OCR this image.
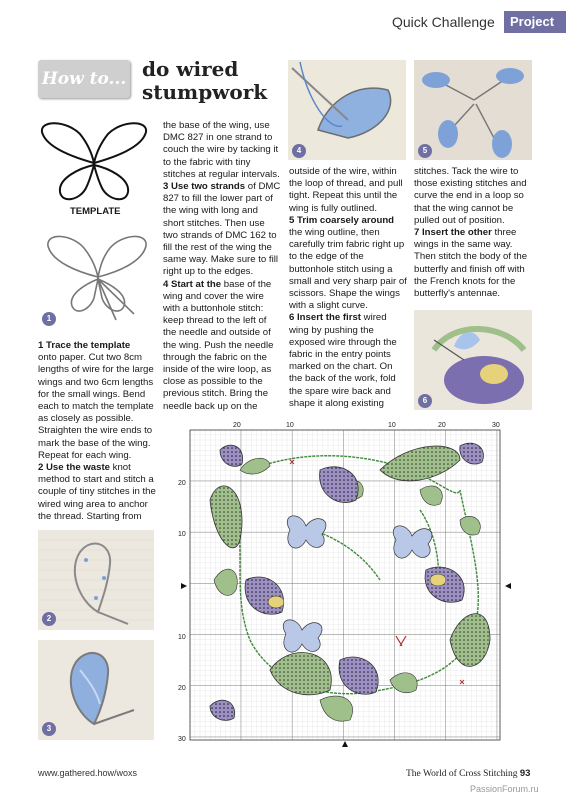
Quick Challenge	Project
How to... do wired
stumpwork
TEMPLATE
1

1 Trace the template
onto paper. Cut two 8cm lengths of wire for the large wings and two 6cm lengths for the small wings. Bend each to match the template as closely as possible. Straighten the wire ends to mark the base of the wing. Repeat for each wing.

2 Use the waste knot method to start and stitch a couple of tiny stitches in the wired wing area to anchor the thread. Starting from

2
3

the base of the wing, use DMC 827 in one strand to couch the wire by tacking it to the fabric with tiny stitches at regular intervals.

3 Use two strands of DMC 827 to fill the lower part of the wing with long and short stitches. Then use two strands of DMC 162 to fill the rest of the wing the same way. Make sure to fill right up to the edges.

4 Start at the base of the wing and cover the wire with a buttonhole stitch: keep thread to the left of the needle and outside of the wing. Push the needle through the fabric on the inside of the wire loop, as close as possible to the previous stitch. Bring the needle back up on the

4	5

outside of the wire, within the loop of thread, and pull tight. Repeat this until the wing is fully outlined.

5 Trim coarsely around the wing outline, then carefully trim fabric right up to the edge of the buttonhole stitch using a small and very sharp pair of scissors. Shape the wings with a slight curve.

6 Insert the first wired wing by pushing the exposed wire through the fabric in the entry points marked on the chart. On the back of the work, fold the spare wire back and shape it along existing

stitches. Tack the wire to those existing stitches and curve the end in a loop so that the wing cannot be pulled out of position.

7 Insert the other three wings in the same way. Then stitch the body of the butterfly and finish off with the French knots for the butterfly's antennae.

6
20	10	10	20	30
20
10
10
20
30
www.gathered.how/woxs	The World of Cross Stitching 93
PassionForum.ru
